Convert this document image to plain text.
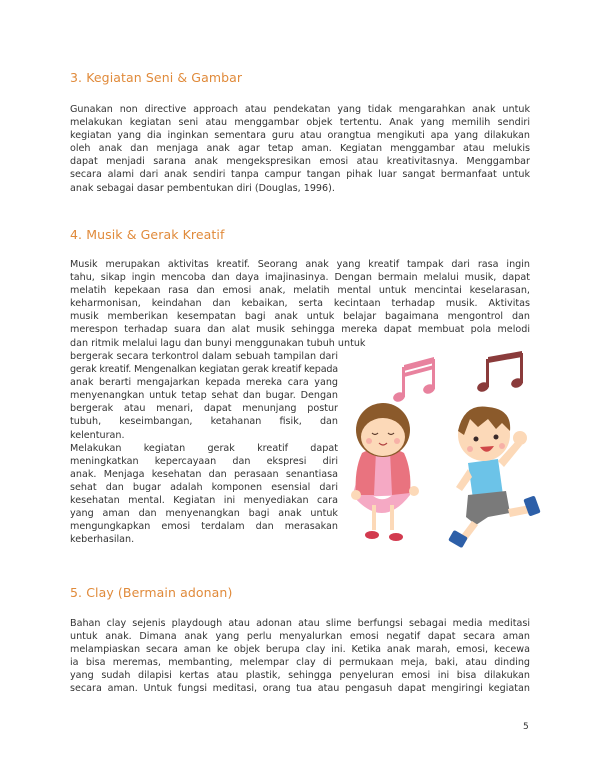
3. Kegiatan Seni & Gambar
Gunakan non directive approach atau pendekatan yang tidak mengarahkan anak untuk
melakukan kegiatan seni atau menggambar objek tertentu. Anak yang memilih sendiri
kegiatan yang dia inginkan sementara guru atau orangtua mengikuti apa yang dilakukan
oleh anak dan menjaga anak agar tetap aman. Kegiatan menggambar atau melukis
dapat menjadi sarana anak mengekspresikan emosi atau kreativitasnya. Menggambar
secara alami dari anak sendiri tanpa campur tangan pihak luar sangat bermanfaat untuk
anak sebagai dasar pembentukan diri (Douglas, 1996).
4. Musik & Gerak Kreatif
Musik merupakan aktivitas kreatif. Seorang anak yang kreatif tampak dari rasa ingin
tahu, sikap ingin mencoba dan daya imajinasinya. Dengan bermain melalui musik, dapat
melatih kepekaan rasa dan emosi anak, melatih mental untuk mencintai keselarasan,
keharmonisan, keindahan dan kebaikan, serta kecintaan terhadap musik. Aktivitas
musik memberikan kesempatan bagi anak untuk belajar bagaimana mengontrol dan
merespon terhadap suara dan alat musik sehingga mereka dapat membuat pola melodi
dan ritmik melalui lagu dan bunyi menggunakan tubuh untuk
bergerak secara terkontrol dalam sebuah tampilan dari
gerak kreatif. Mengenalkan kegiatan gerak kreatif kepada
anak berarti mengajarkan kepada mereka cara yang
menyenangkan untuk tetap sehat dan bugar. Dengan
bergerak atau menari, dapat menunjang postur
tubuh, keseimbangan, ketahanan fisik, dan
kelenturan.
Melakukan kegiatan gerak kreatif dapat
meningkatkan kepercayaan dan ekspresi diri
anak. Menjaga kesehatan dan perasaan senantiasa
sehat dan bugar adalah komponen esensial dari
kesehatan mental. Kegiatan ini menyediakan cara
yang aman dan menyenangkan bagi anak untuk
mengungkapkan emosi terdalam dan merasakan
keberhasilan.
5. Clay (Bermain adonan)
Bahan clay sejenis playdough atau adonan atau slime berfungsi sebagai media meditasi
untuk anak. Dimana anak yang perlu menyalurkan emosi negatif dapat secara aman
melampiaskan secara aman ke objek berupa clay ini. Ketika anak marah, emosi, kecewa
ia bisa meremas, membanting, melempar clay di permukaan meja, baki, atau dinding
yang sudah dilapisi kertas atau plastik, sehingga penyeluran emosi ini bisa dilakukan
secara aman. Untuk fungsi meditasi, orang tua atau pengasuh dapat mengiringi kegiatan
5
